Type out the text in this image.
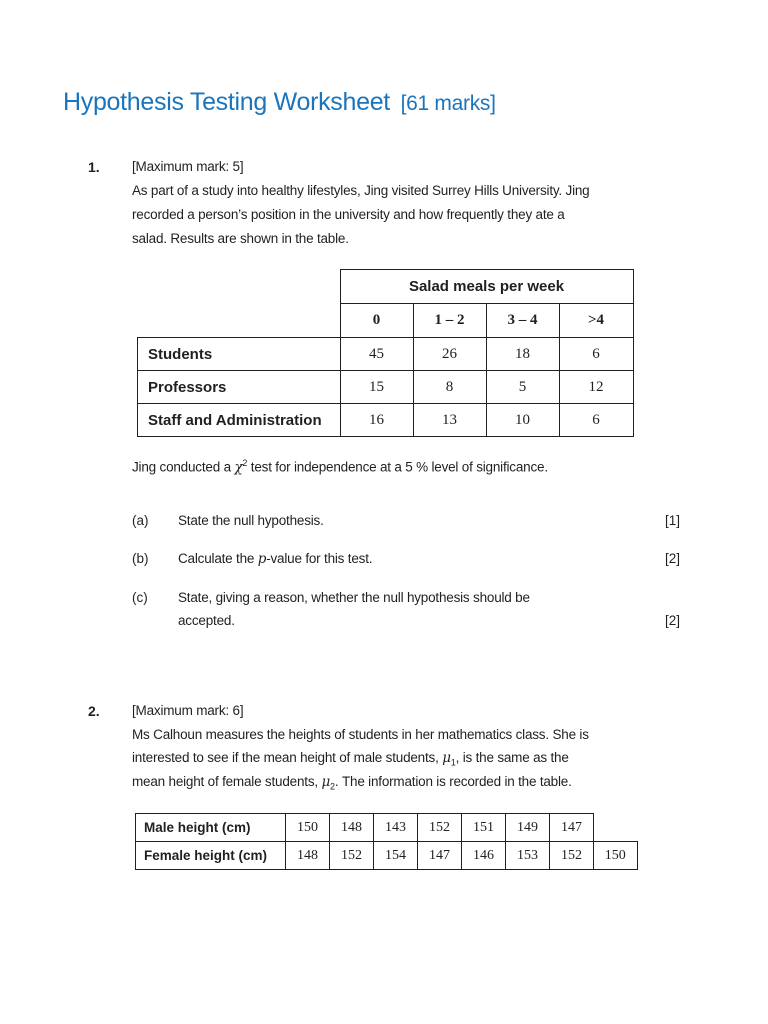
Hypothesis Testing Worksheet [61 marks]
1. [Maximum mark: 5]
As part of a study into healthy lifestyles, Jing visited Surrey Hills University. Jing
recorded a person’s position in the university and how frequently they ate a
salad. Results are shown in the table.
	Salad meals per week			
	0	1 – 2	3 – 4	>4
Students	45	26	18	6
Professors	15	8	5	12
Staff and Administration	16	13	10	6
Jing conducted a $\chi^2$ test for independence at a 5 % level of significance.
(a) State the null hypothesis.	[1]
(b) Calculate the p-value for this test.	[2]
(c) State, giving a reason, whether the null hypothesis should be
accepted.	[2]
2. [Maximum mark: 6]
Ms Calhoun measures the heights of students in her mathematics class. She is
interested to see if the mean height of male students, $\mu_1$, is the same as the
mean height of female students, $\mu_2$. The information is recorded in the table.
Male height (cm)	150	148	143	152	151	149	147	
Female height (cm)	148	152	154	147	146	153	152	150
